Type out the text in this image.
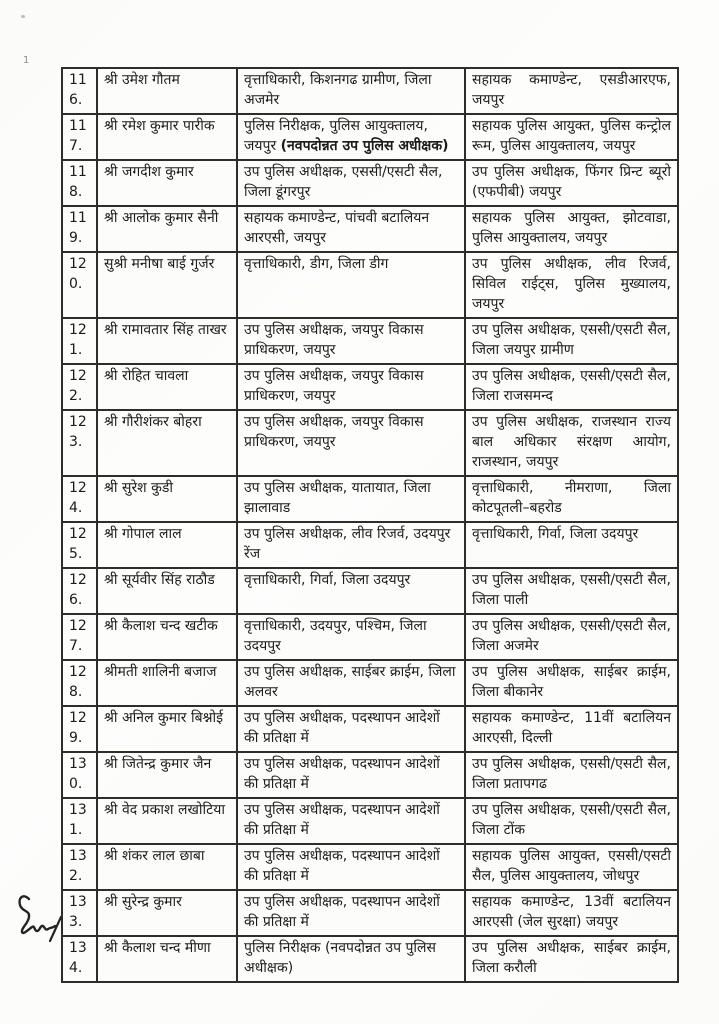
1
116.	श्री उमेश गौतम	वृत्ताधिकारी, किशनगढ ग्रामीण, जिला अजमेर	सहायक कमाण्डेन्ट, एसडीआरएफ, जयपुर
117.	श्री रमेश कुमार पारीक	पुलिस निरीक्षक, पुलिस आयुक्तालय, जयपुर (नवपदोन्नत उप पुलिस अधीक्षक)	सहायक पुलिस आयुक्त, पुलिस कन्ट्रोल रूम, पुलिस आयुक्तालय, जयपुर
118.	श्री जगदीश कुमार	उप पुलिस अधीक्षक, एससी/एसटी सैल, जिला डूंगरपुर	उप पुलिस अधीक्षक, फिंगर प्रिन्ट ब्यूरो (एफपीबी) जयपुर
119.	श्री आलोक कुमार सैनी	सहायक कमाण्डेन्ट, पांचवी बटालियन आरएसी, जयपुर	सहायक पुलिस आयुक्त, झोटवाडा, पुलिस आयुक्तालय, जयपुर
120.	सुश्री मनीषा बाई गुर्जर	वृत्ताधिकारी, डीग, जिला डीग	उप पुलिस अधीक्षक, लीव रिजर्व, सिविल राईट्स, पुलिस मुख्यालय, जयपुर
121.	श्री रामावतार सिंह ताखर	उप पुलिस अधीक्षक, जयपुर विकास प्राधिकरण, जयपुर	उप पुलिस अधीक्षक, एससी/एसटी सैल, जिला जयपुर ग्रामीण
122.	श्री रोहित चावला	उप पुलिस अधीक्षक, जयपुर विकास प्राधिकरण, जयपुर	उप पुलिस अधीक्षक, एससी/एसटी सैल, जिला राजसमन्द
123.	श्री गौरीशंकर बोहरा	उप पुलिस अधीक्षक, जयपुर विकास प्राधिकरण, जयपुर	उप पुलिस अधीक्षक, राजस्थान राज्य बाल अधिकार संरक्षण आयोग, राजस्थान, जयपुर
124.	श्री सुरेश कुडी	उप पुलिस अधीक्षक, यातायात, जिला झालावाड	वृत्ताधिकारी, नीमराणा, जिला कोटपूतली–बहरोड
125.	श्री गोपाल लाल	उप पुलिस अधीक्षक, लीव रिजर्व, उदयपुर रेंज	वृत्ताधिकारी, गिर्वा, जिला उदयपुर
126.	श्री सूर्यवीर सिंह राठौड	वृत्ताधिकारी, गिर्वा, जिला उदयपुर	उप पुलिस अधीक्षक, एससी/एसटी सैल, जिला पाली
127.	श्री कैलाश चन्द खटीक	वृत्ताधिकारी, उदयपुर, पश्चिम, जिला उदयपुर	उप पुलिस अधीक्षक, एससी/एसटी सैल, जिला अजमेर
128.	श्रीमती शालिनी बजाज	उप पुलिस अधीक्षक, साईबर क्राईम, जिला अलवर	उप पुलिस अधीक्षक, साईबर क्राईम, जिला बीकानेर
129.	श्री अनिल कुमार बिश्नोई	उप पुलिस अधीक्षक, पदस्थापन आदेशों की प्रतिक्षा में	सहायक कमाण्डेन्ट, 11वीं बटालियन आरएसी, दिल्ली
130.	श्री जितेन्द्र कुमार जैन	उप पुलिस अधीक्षक, पदस्थापन आदेशों की प्रतिक्षा में	उप पुलिस अधीक्षक, एससी/एसटी सैल, जिला प्रतापगढ
131.	श्री वेद प्रकाश लखोटिया	उप पुलिस अधीक्षक, पदस्थापन आदेशों की प्रतिक्षा में	उप पुलिस अधीक्षक, एससी/एसटी सैल, जिला टोंक
132.	श्री शंकर लाल छाबा	उप पुलिस अधीक्षक, पदस्थापन आदेशों की प्रतिक्षा में	सहायक पुलिस आयुक्त, एससी/एसटी सैल, पुलिस आयुक्तालय, जोधपुर
133.	श्री सुरेन्द्र कुमार	उप पुलिस अधीक्षक, पदस्थापन आदेशों की प्रतिक्षा में	सहायक कमाण्डेन्ट, 13वीं बटालियन आरएसी (जेल सुरक्षा) जयपुर
134.	श्री कैलाश चन्द मीणा	पुलिस निरीक्षक (नवपदोन्नत उप पुलिस अधीक्षक)	उप पुलिस अधीक्षक, साईबर क्राईम, जिला करौली
